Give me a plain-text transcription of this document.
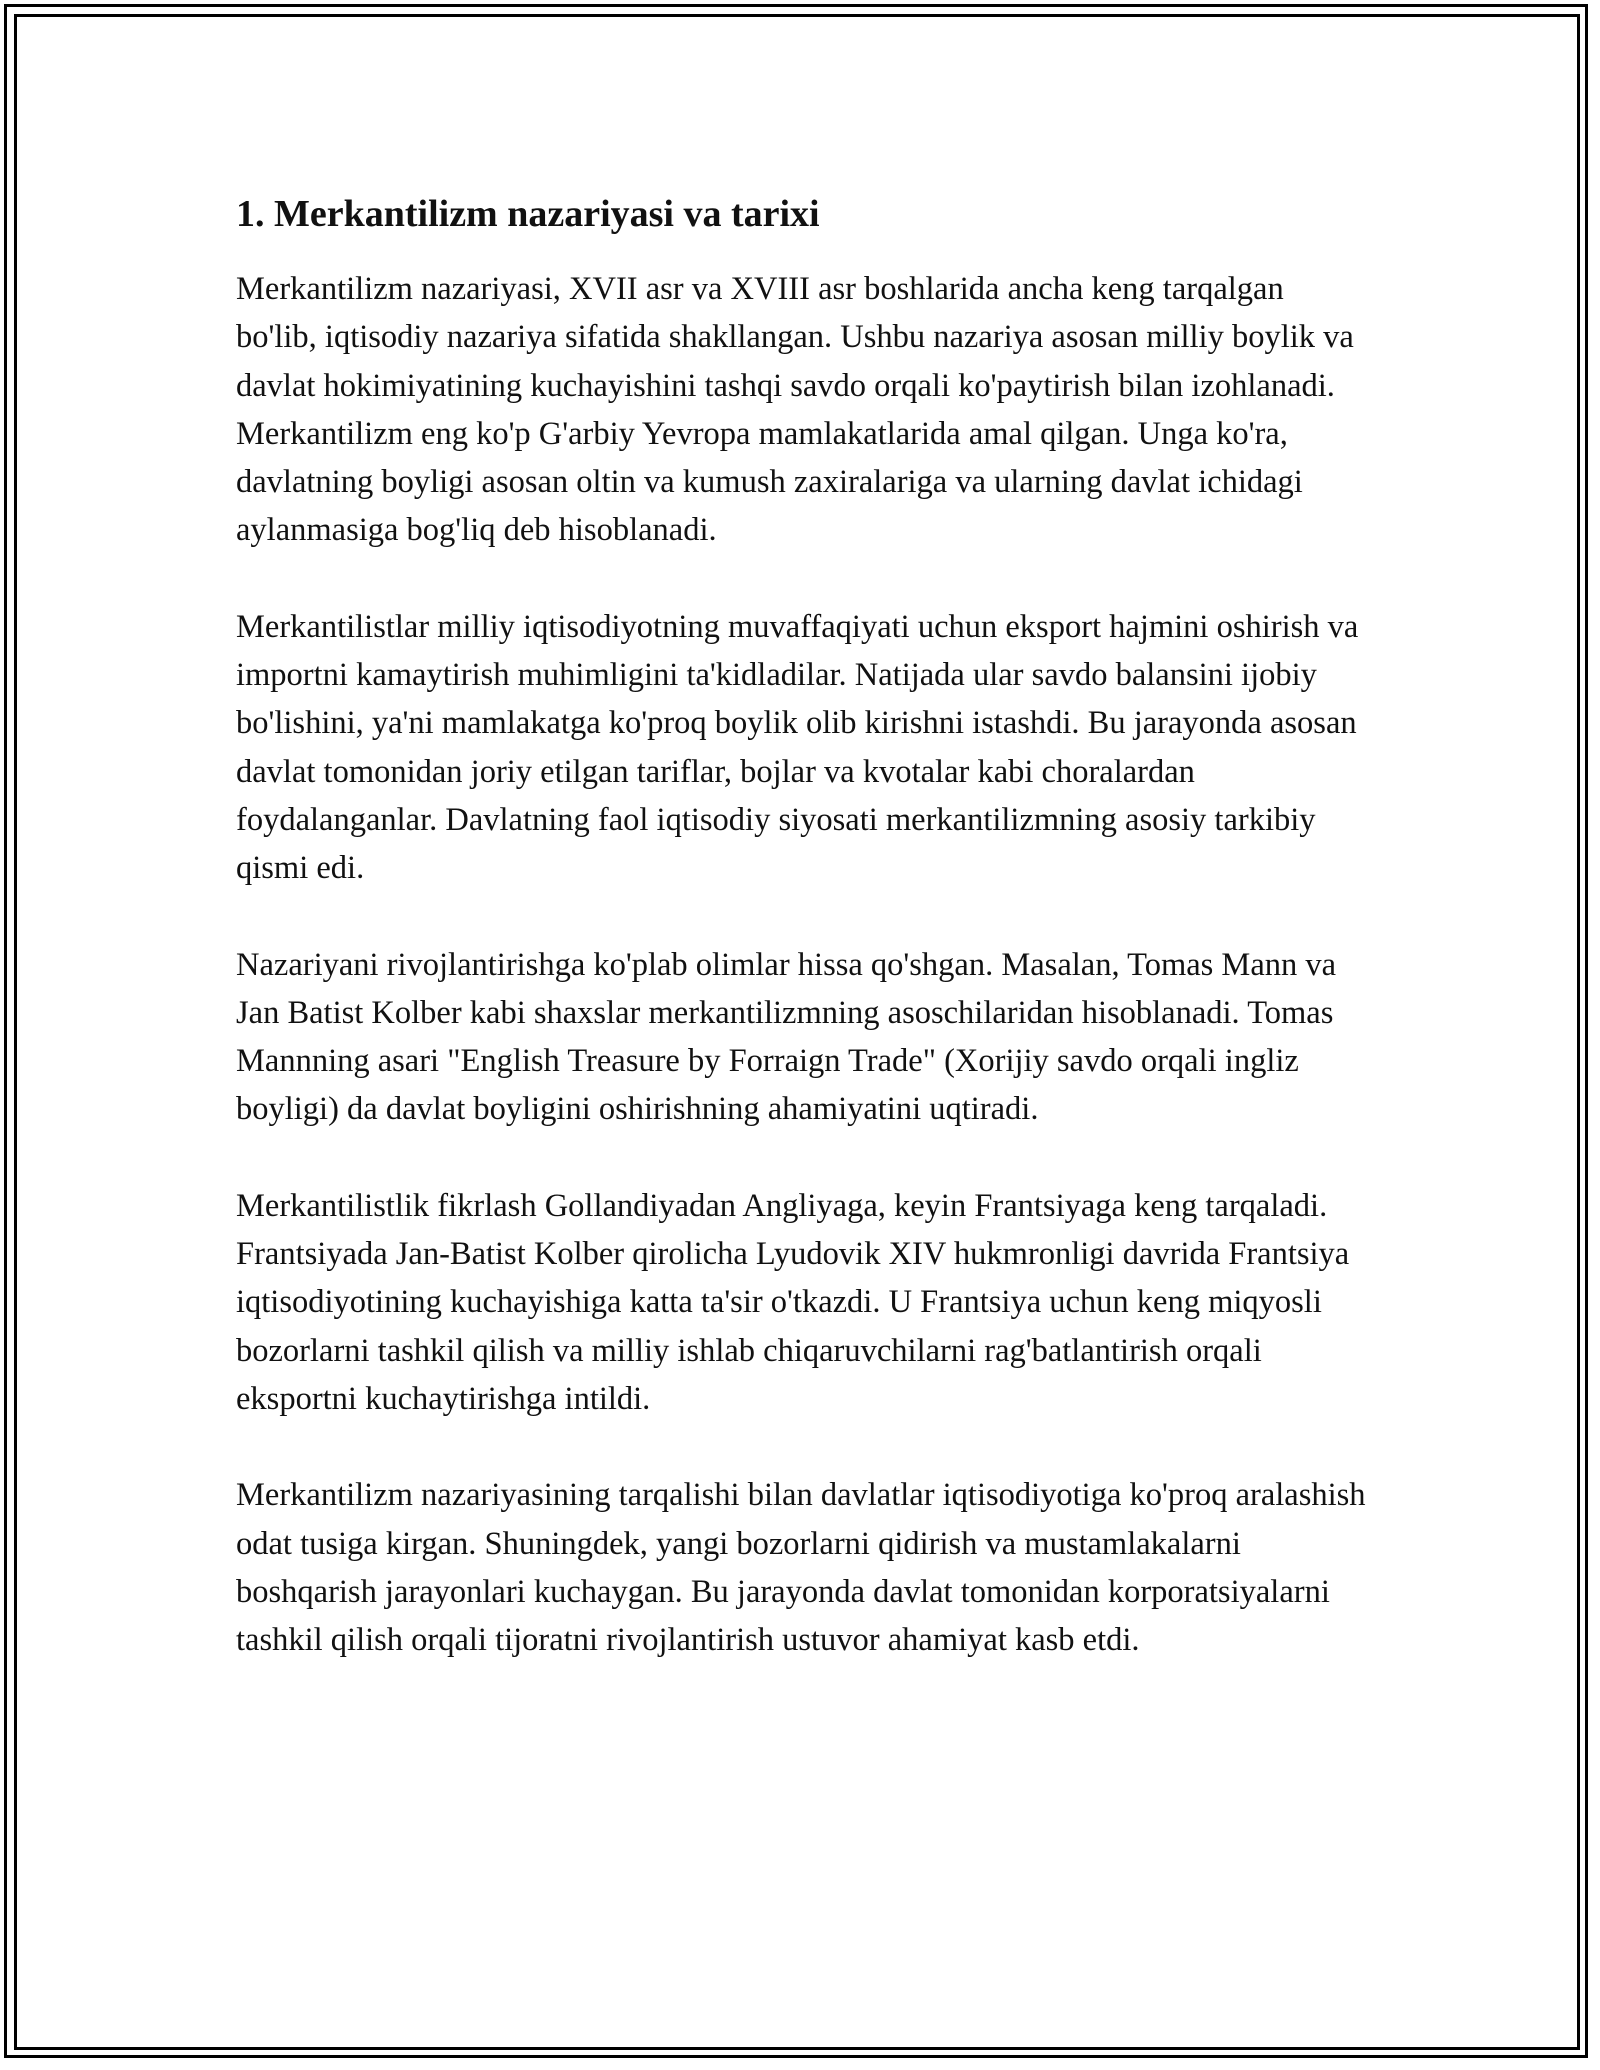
1. Merkantilizm nazariyasi va tarixi

Merkantilizm nazariyasi, XVII asr va XVIII asr boshlarida ancha keng tarqalgan bo'lib, iqtisodiy nazariya sifatida shakllangan. Ushbu nazariya asosan milliy boylik va davlat hokimiyatining kuchayishini tashqi savdo orqali ko'paytirish bilan izohlanadi. Merkantilizm eng ko'p G'arbiy Yevropa mamlakatlarida amal qilgan. Unga ko'ra, davlatning boyligi asosan oltin va kumush zaxiralariga va ularning davlat ichidagi aylanmasiga bog'liq deb hisoblanadi.

Merkantilistlar milliy iqtisodiyotning muvaffaqiyati uchun eksport hajmini oshirish va importni kamaytirish muhimligini ta'kidladilar. Natijada ular savdo balansini ijobiy bo'lishini, ya'ni mamlakatga ko'proq boylik olib kirishni istashdi. Bu jarayonda asosan davlat tomonidan joriy etilgan tariflar, bojlar va kvotalar kabi choralardan foydalanganlar. Davlatning faol iqtisodiy siyosati merkantilizmning asosiy tarkibiy qismi edi.

Nazariyani rivojlantirishga ko'plab olimlar hissa qo'shgan. Masalan, Tomas Mann va Jan Batist Kolber kabi shaxslar merkantilizmning asoschilaridan hisoblanadi. Tomas Mannning asari "English Treasure by Forraign Trade" (Xorijiy savdo orqali ingliz boyligi) da davlat boyligini oshirishning ahamiyatini uqtiradi.

Merkantilistlik fikrlash Gollandiyadan Angliyaga, keyin Frantsiyaga keng tarqaladi. Frantsiyada Jan-Batist Kolber qirolicha Lyudovik XIV hukmronligi davrida Frantsiya iqtisodiyotining kuchayishiga katta ta'sir o'tkazdi. U Frantsiya uchun keng miqyosli bozorlarni tashkil qilish va milliy ishlab chiqaruvchilarni rag'batlantirish orqali eksportni kuchaytirishga intildi.

Merkantilizm nazariyasining tarqalishi bilan davlatlar iqtisodiyotiga ko'proq aralashish odat tusiga kirgan. Shuningdek, yangi bozorlarni qidirish va mustamlakalarni boshqarish jarayonlari kuchaygan. Bu jarayonda davlat tomonidan korporatsiyalarni tashkil qilish orqali tijoratni rivojlantirish ustuvor ahamiyat kasb etdi.
